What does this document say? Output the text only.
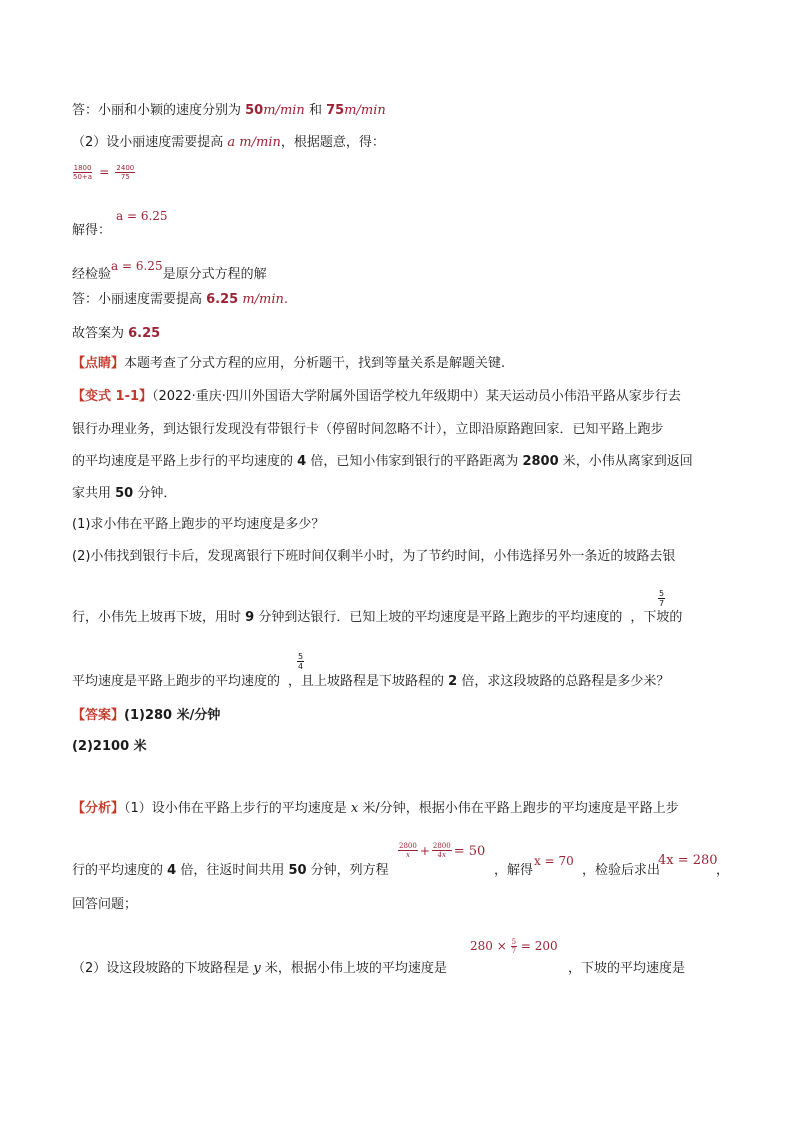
答：小丽和小颖的速度分别为 50m/min 和 75m/min
（2）设小丽速度需要提高 a m/min，根据题意，得：
$\frac{1800}{50+a} = \frac{2400}{75}$
解得：
a = 6.25
经检验a = 6.25是原分式方程的解
答：小丽速度需要提高 6.25 m/min.
故答案为 6.25
【点睛】本题考查了分式方程的应用，分析题干，找到等量关系是解题关键.
【变式 1-1】（2022·重庆·四川外国语大学附属外国语学校九年级期中）某天运动员小伟沿平路从家步行去
银行办理业务，到达银行发现没有带银行卡（停留时间忽略不计），立即沿原路跑回家．已知平路上跑步
的平均速度是平路上步行的平均速度的 4 倍，已知小伟家到银行的平路距离为 2800 米，小伟从离家到返回
家共用 50 分钟．
(1)求小伟在平路上跑步的平均速度是多少？
(2)小伟找到银行卡后，发现离银行下班时间仅剩半小时，为了节约时间，小伟选择另外一条近的坡路去银
$\frac{5}{7}$
行，小伟先上坡再下坡，用时 9 分钟到达银行．已知上坡的平均速度是平路上跑步的平均速度的 ，下坡的
$\frac{5}{4}$
平均速度是平路上跑步的平均速度的 ，且上坡路程是下坡路程的 2 倍，求这段坡路的总路程是多少米？
【答案】(1)280 米/分钟
(2)2100 米
【分析】（1）设小伟在平路上步行的平均速度是 x 米/分钟，根据小伟在平路上跑步的平均速度是平路上步
行的平均速度的 4 倍，往返时间共用 50 分钟，列方程
$\frac{2800}{x} + \frac{2800}{4x} = 50$
，解得
x = 70
，检验后求出
4x = 280
，
回答问题；
（2）设这段坡路的下坡路程是 y 米，根据小伟上坡的平均速度是
$280 \times \frac{5}{7} = 200$
，下坡的平均速度是
